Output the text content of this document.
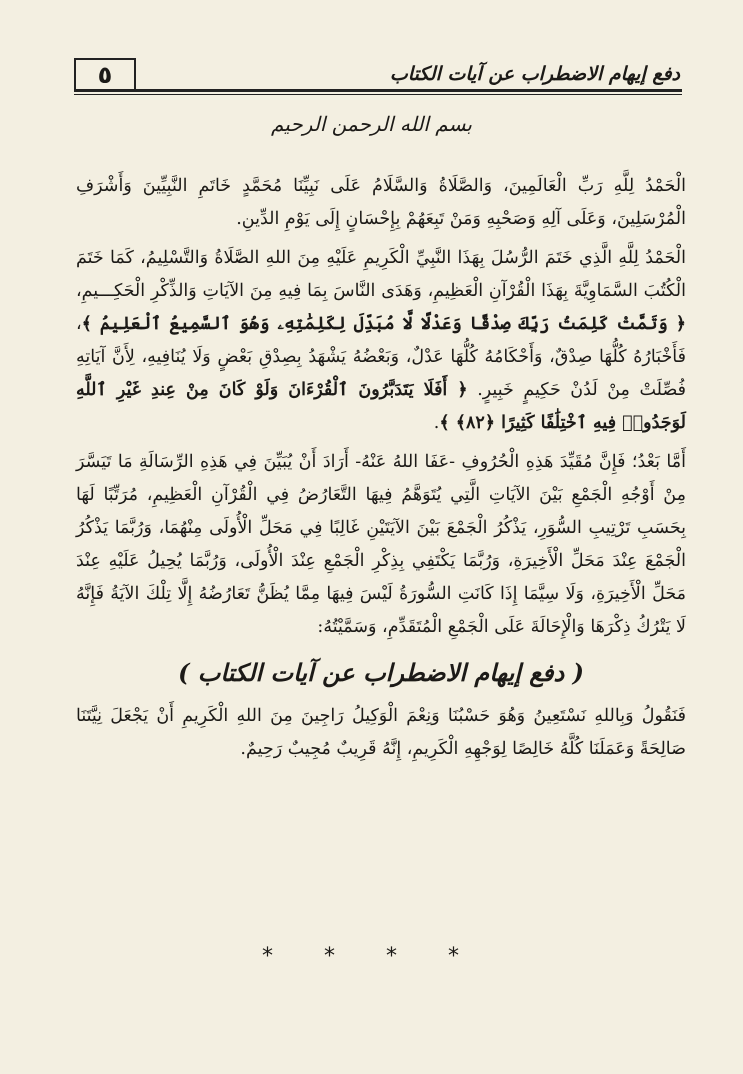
٥	دفع إيهام الاضطراب عن آيات الكتاب
بسم الله الرحمن الرحيم

الْحَمْدُ لِلَّهِ رَبِّ الْعَالَمِينَ، وَالصَّلَاةُ وَالسَّلَامُ عَلَى نَبِيِّنَا مُحَمَّدٍ خَاتَمِ النَّبِيِّينَ وَأَشْرَفِ الْمُرْسَلِينَ، وَعَلَى آلِهِ وَصَحْبِهِ وَمَنْ تَبِعَهُمْ بِإِحْسَانٍ إِلَى يَوْمِ الدِّينِ.

الْحَمْدُ لِلَّهِ الَّذِي خَتَمَ الرُّسُلَ بِهَذَا النَّبِيِّ الْكَرِيمِ عَلَيْهِ مِنَ اللهِ الصَّلَاةُ وَالتَّسْلِيمُ، كَمَا خَتَمَ الْكُتُبَ السَّمَاوِيَّةَ بِهَذَا الْقُرْآنِ الْعَظِيمِ، وَهَدَى النَّاسَ بِمَا فِيهِ مِنَ الآيَاتِ وَالذِّكْرِ الْحَكِـــيمِ، ﴿ وَتَمَّتْ كَلِمَتُ رَبِّكَ صِدْقًا وَعَدْلًا لَّا مُبَدِّلَ لِكَلِمَٰتِهِۦ وَهُوَ ٱلسَّمِيعُ ٱلْعَلِيمُ ﴾، فَأَخْبَارُهُ كُلُّهَا صِدْقٌ، وَأَحْكَامُهُ كُلُّهَا عَدْلٌ، وَبَعْضُهُ يَشْهَدُ بِصِدْقِ بَعْضٍ وَلَا يُنَافِيهِ، لِأَنَّ آيَاتِهِ فُصِّلَتْ مِنْ لَدُنْ حَكِيمٍ خَبِيرٍ. ﴿ أَفَلَا يَتَدَبَّرُونَ ٱلْقُرْءَانَ وَلَوْ كَانَ مِنْ عِندِ غَيْرِ ٱللَّهِ لَوَجَدُوا۟ فِيهِ ٱخْتِلَٰفًا كَثِيرًا ﴿٨٢﴾ ﴾.

أَمَّا بَعْدُ؛ فَإِنَّ مُقَيِّدَ هَذِهِ الْحُرُوفِ -عَفَا اللهُ عَنْهُ- أَرَادَ أَنْ يُبَيِّنَ فِي هَذِهِ الرِّسَالَةِ مَا تَيَسَّرَ مِنْ أَوْجُهِ الْجَمْعِ بَيْنَ الآيَاتِ الَّتِي يُتَوَهَّمُ فِيهَا التَّعَارُضُ فِي الْقُرْآنِ الْعَظِيمِ، مُرَتِّبًا لَهَا بِحَسَبِ تَرْتِيبِ السُّوَرِ، يَذْكُرُ الْجَمْعَ بَيْنَ الآيَتَيْنِ غَالِبًا فِي مَحَلِّ الْأُولَى مِنْهُمَا، وَرُبَّمَا يَذْكُرُ الْجَمْعَ عِنْدَ مَحَلِّ الْأَخِيرَةِ، وَرُبَّمَا يَكْتَفِي بِذِكْرِ الْجَمْعِ عِنْدَ الْأُولَى، وَرُبَّمَا يُحِيلُ عَلَيْهِ عِنْدَ مَحَلِّ الْأَخِيرَةِ، وَلَا سِيَّمَا إِذَا كَانَتِ السُّورَةُ لَيْسَ فِيهَا مِمَّا يُظَنُّ تَعَارُضُهُ إِلَّا تِلْكَ الآيَةُ فَإِنَّهُ لَا يَتْرُكُ ذِكْرَهَا وَالْإِحَالَةَ عَلَى الْجَمْعِ الْمُتَقَدِّمِ، وَسَمَّيْتُهُ:

( دفع إيهام الاضطراب عن آيات الكتاب )

فَنَقُولُ وَبِاللهِ نَسْتَعِينُ وَهُوَ حَسْبُنَا وَنِعْمَ الْوَكِيلُ رَاجِينَ مِنَ اللهِ الْكَرِيمِ أَنْ يَجْعَلَ نِيَّتَنَا صَالِحَةً وَعَمَلَنَا كُلَّهُ خَالِصًا لِوَجْهِهِ الْكَرِيمِ، إِنَّهُ قَرِيبٌ مُجِيبٌ رَحِيمٌ.

* * * *
